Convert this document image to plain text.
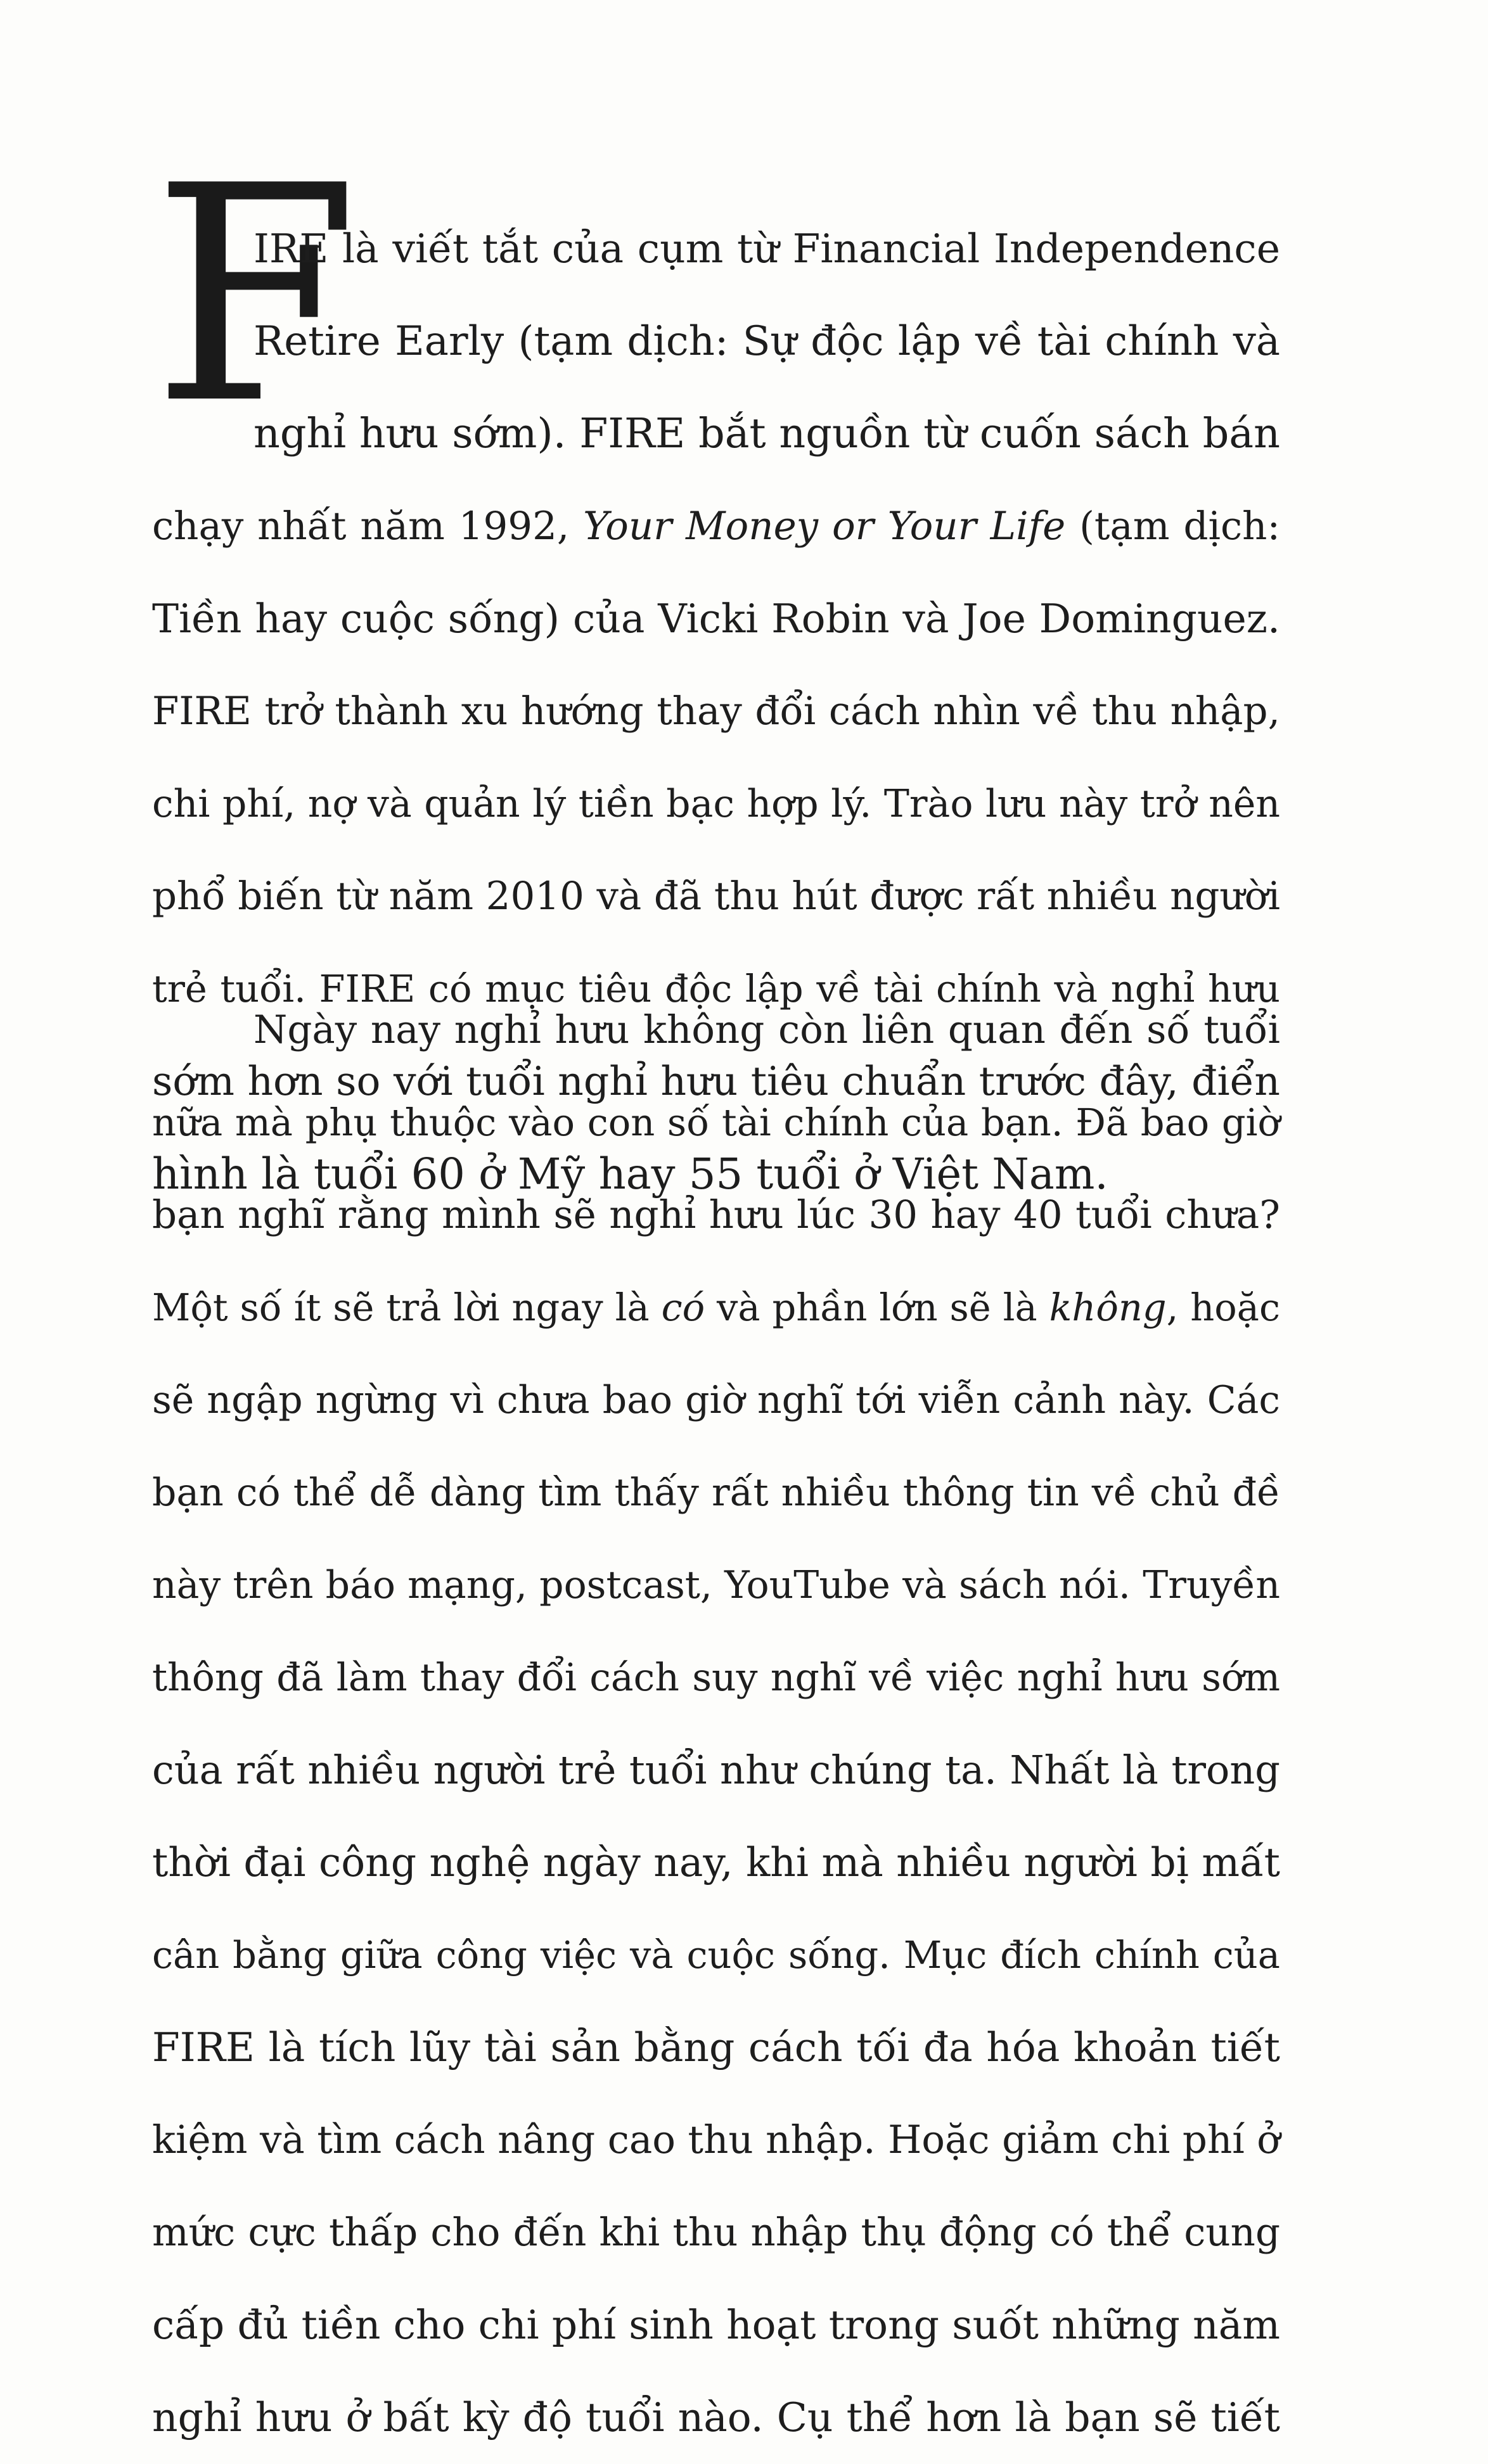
F
IRE là viết tắt của cụm từ Financial Independence
Retire Early (tạm dịch: Sự độc lập về tài chính và
nghỉ hưu sớm). FIRE bắt nguồn từ cuốn sách bán
chạy nhất năm 1992, Your Money or Your Life (tạm dịch:
Tiền hay cuộc sống) của Vicki Robin và Joe Dominguez.
FIRE trở thành xu hướng thay đổi cách nhìn về thu nhập,
chi phí, nợ và quản lý tiền bạc hợp lý. Trào lưu này trở nên
phổ biến từ năm 2010 và đã thu hút được rất nhiều người
trẻ tuổi. FIRE có mục tiêu độc lập về tài chính và nghỉ hưu
sớm hơn so với tuổi nghỉ hưu tiêu chuẩn trước đây, điển
hình là tuổi 60 ở Mỹ hay 55 tuổi ở Việt Nam.
Ngày nay nghỉ hưu không còn liên quan đến số tuổi
nữa mà phụ thuộc vào con số tài chính của bạn. Đã bao giờ
bạn nghĩ rằng mình sẽ nghỉ hưu lúc 30 hay 40 tuổi chưa?
Một số ít sẽ trả lời ngay là có và phần lớn sẽ là không, hoặc
sẽ ngập ngừng vì chưa bao giờ nghĩ tới viễn cảnh này. Các
bạn có thể dễ dàng tìm thấy rất nhiều thông tin về chủ đề
này trên báo mạng, postcast, YouTube và sách nói. Truyền
thông đã làm thay đổi cách suy nghĩ về việc nghỉ hưu sớm
của rất nhiều người trẻ tuổi như chúng ta. Nhất là trong
thời đại công nghệ ngày nay, khi mà nhiều người bị mất
cân bằng giữa công việc và cuộc sống. Mục đích chính của
FIRE là tích lũy tài sản bằng cách tối đa hóa khoản tiết
kiệm và tìm cách nâng cao thu nhập. Hoặc giảm chi phí ở
mức cực thấp cho đến khi thu nhập thụ động có thể cung
cấp đủ tiền cho chi phí sinh hoạt trong suốt những năm
nghỉ hưu ở bất kỳ độ tuổi nào. Cụ thể hơn là bạn sẽ tiết
